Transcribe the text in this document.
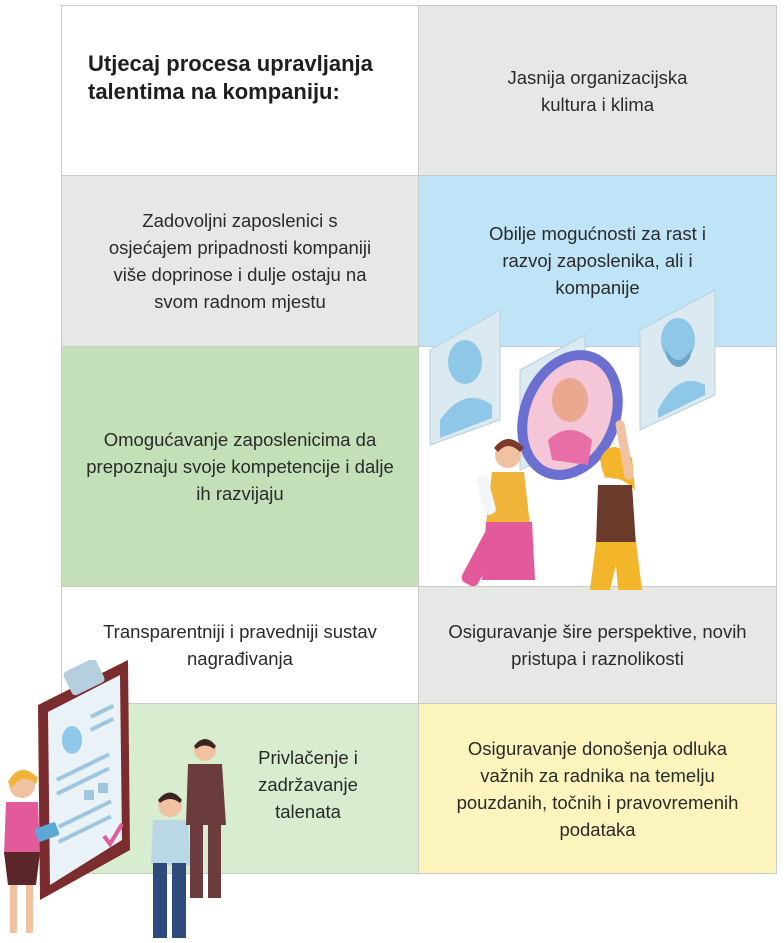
Utjecaj procesa upravljanja talentima na kompaniju:
Jasnija organizacijska kultura i klima
Zadovoljni zaposlenici s osjećajem pripadnosti kompaniji više doprinose i dulje ostaju na svom radnom mjestu
Obilje mogućnosti za rast i razvoj zaposlenika, ali i kompanije
Omogućavanje zaposlenicima da prepoznaju svoje kompetencije i dalje ih razvijaju
Transparentniji i pravedniji sustav nagrađivanja
Osiguravanje šire perspektive, novih pristupa i raznolikosti
Privlačenje i zadržavanje talenata
Osiguravanje donošenja odluka važnih za radnika na temelju pouzdanih, točnih i pravovremenih podataka
